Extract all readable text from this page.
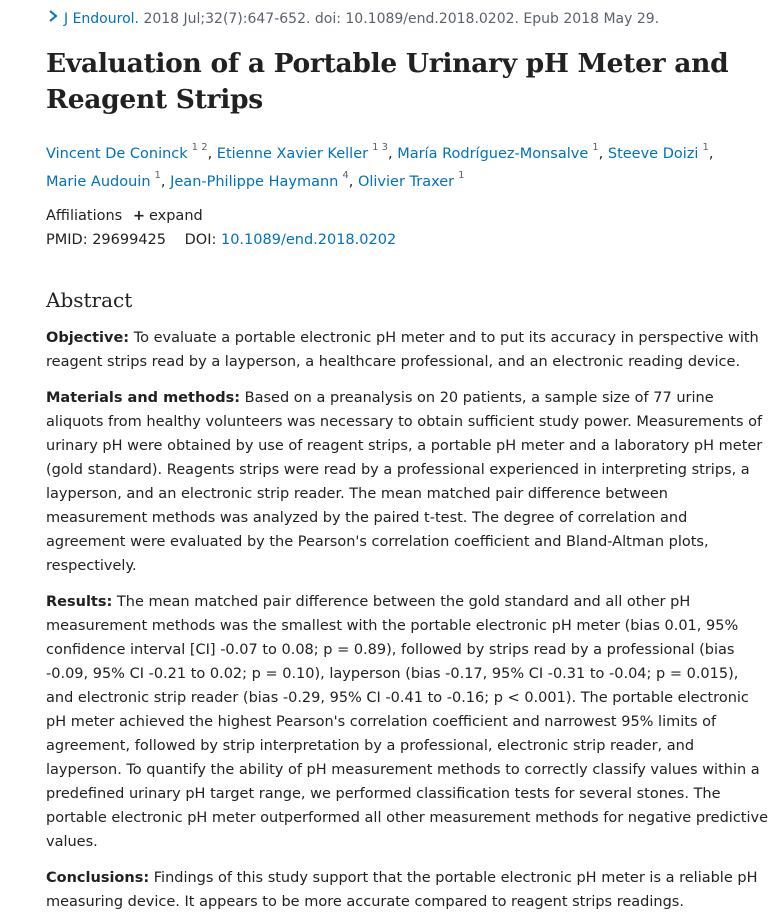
J Endourol.
2018 Jul;32(7):647-652. doi: 10.1089/end.2018.0202. Epub 2018 May 29.
Evaluation of a Portable Urinary pH Meter and Reagent Strips
Vincent De Coninck $^{1 2}$, Etienne Xavier Keller $^{1 3}$, María Rodríguez-Monsalve $^1$, Steeve Doizi $^1$,
Marie Audouin $^1$, Jean-Philippe Haymann $^4$, Olivier Traxer $^1$
Affiliations + expand
PMID: 29699425 DOI: 10.1089/end.2018.0202
Abstract
Objective: To evaluate a portable electronic pH meter and to put its accuracy in perspective with reagent strips read by a layperson, a healthcare professional, and an electronic reading device.
Materials and methods: Based on a preanalysis on 20 patients, a sample size of 77 urine aliquots from healthy volunteers was necessary to obtain sufficient study power. Measurements of urinary pH were obtained by use of reagent strips, a portable pH meter and a laboratory pH meter (gold standard). Reagents strips were read by a professional experienced in interpreting strips, a layperson, and an electronic strip reader. The mean matched pair difference between measurement methods was analyzed by the paired t-test. The degree of correlation and agreement were evaluated by the Pearson's correlation coefficient and Bland-Altman plots, respectively.
Results: The mean matched pair difference between the gold standard and all other pH measurement methods was the smallest with the portable electronic pH meter (bias 0.01, 95% confidence interval [CI] -0.07 to 0.08; p = 0.89), followed by strips read by a professional (bias -0.09, 95% CI -0.21 to 0.02; p = 0.10), layperson (bias -0.17, 95% CI -0.31 to -0.04; p = 0.015), and electronic strip reader (bias -0.29, 95% CI -0.41 to -0.16; p < 0.001). The portable electronic pH meter achieved the highest Pearson's correlation coefficient and narrowest 95% limits of agreement, followed by strip interpretation by a professional, electronic strip reader, and layperson. To quantify the ability of pH measurement methods to correctly classify values within a predefined urinary pH target range, we performed classification tests for several stones. The portable electronic pH meter outperformed all other measurement methods for negative predictive values.
Conclusions: Findings of this study support that the portable electronic pH meter is a reliable pH measuring device. It appears to be more accurate compared to reagent strips readings.
